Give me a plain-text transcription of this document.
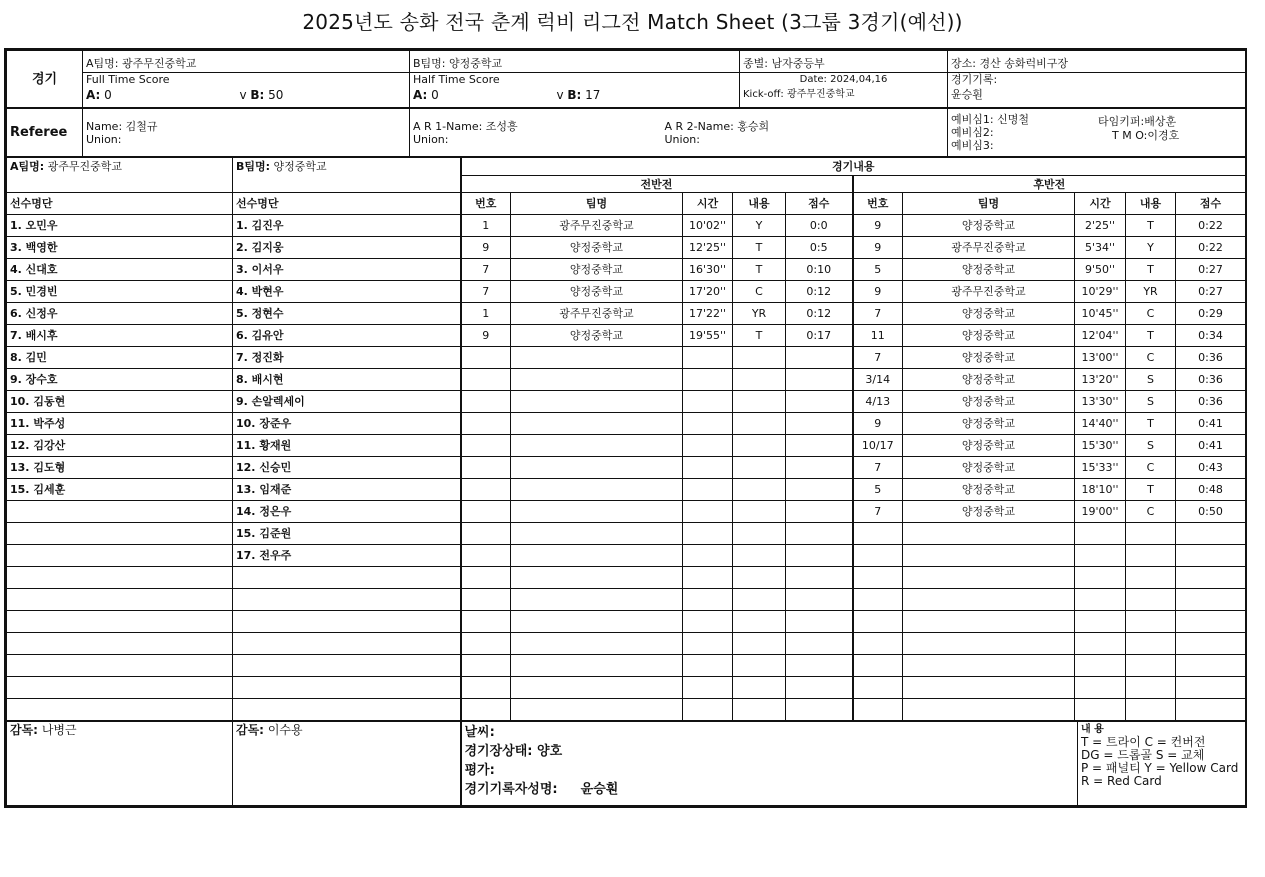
2025년도 송화 전국 춘계 럭비 리그전 Match Sheet (3그룹 3경기(예선))
경기	
A팀명: 광주무진중학교
Full Time Score
A: 0	v B: 50

B팀명: 양정중학교
Half Time Score
A: 0	v B: 17

종별: 남자중등부
Date: 2024,04,16
Kick-off: 광주무진중학교

장소: 경산 송화럭비구장
경기기록:
윤승훤
Referee	Name: 김철규
Union:

A R 1-Name: 조성흥
Union:

A R 2-Name: 홍승희
Union:

예비심1: 신명철
예비심2:
예비심3:
타임키퍼:배상훈
T M O:이경호
A팀명: 광주무진중학교	B팀명: 양정중학교	경기내용									
		전반전					후반전				
선수명단	선수명단	번호	팀명	시간	내용	점수	번호	팀명	시간	내용	점수
1. 오민우	1. 김진우	1	광주무진중학교	10'02''	Y	0:0	9	양정중학교	2'25''	T	0:22
3. 백영한	2. 김지웅	9	양정중학교	12'25''	T	0:5	9	광주무진중학교	5'34''	Y	0:22
4. 신대호	3. 이서우	7	양정중학교	16'30''	T	0:10	5	양정중학교	9'50''	T	0:27
5. 민경빈	4. 박현우	7	양정중학교	17'20''	C	0:12	9	광주무진중학교	10'29''	YR	0:27
6. 신정우	5. 정현수	1	광주무진중학교	17'22''	YR	0:12	7	양정중학교	10'45''	C	0:29
7. 배시후	6. 김유안	9	양정중학교	19'55''	T	0:17	11	양정중학교	12'04''	T	0:34
8. 김민	7. 정진화						7	양정중학교	13'00''	C	0:36
9. 장수호	8. 배시현						3/14	양정중학교	13'20''	S	0:36
10. 김동현	9. 손알렉세이						4/13	양정중학교	13'30''	S	0:36
11. 박주성	10. 장준우						9	양정중학교	14'40''	T	0:41
12. 김강산	11. 황재원						10/17	양정중학교	15'30''	S	0:41
13. 김도형	12. 신승민						7	양정중학교	15'33''	C	0:43
15. 김세훈	13. 임재준						5	양정중학교	18'10''	T	0:48
	14. 정은우						7	양정중학교	19'00''	C	0:50
	15. 김준원										
	17. 전우주										

감독: 나병근	감독: 이수용	날씨:
경기장상태: 양호
평가:
경기기록자성명: 윤승훤

내 용
T = 트라이 C = 컨버전
DG = 드롭골 S = 교체
P = 패널티 Y = Yellow Card
R = Red Card
